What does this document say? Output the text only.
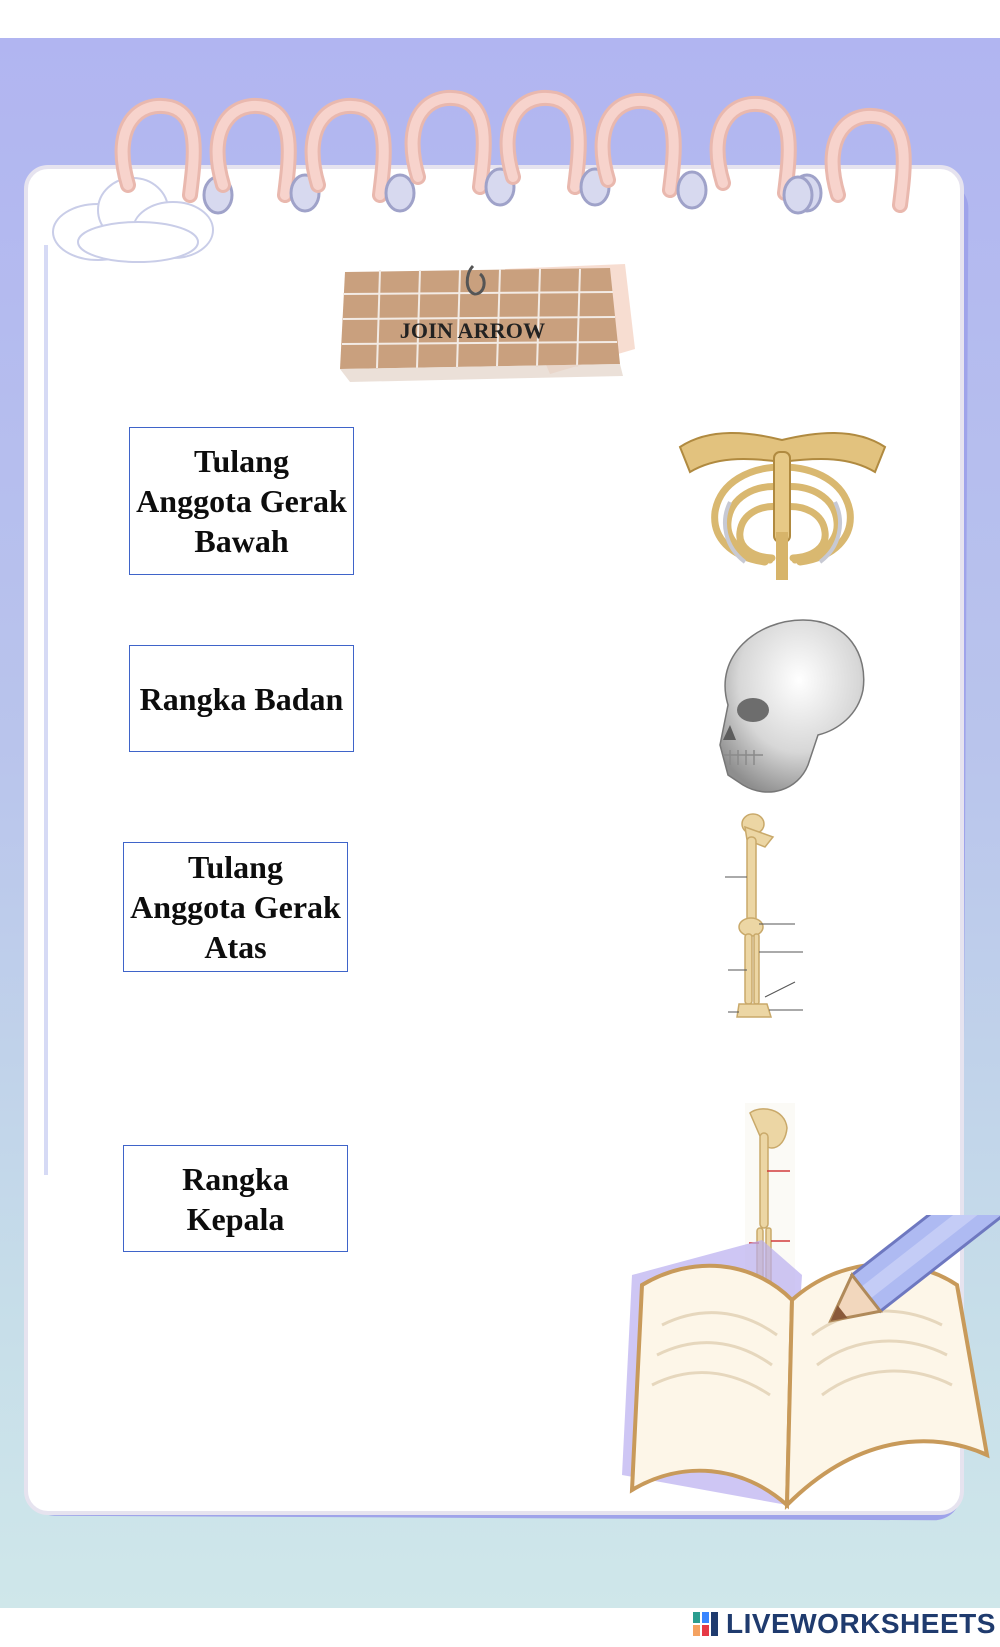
JOIN ARROW
Tulang Anggota Gerak Bawah
Rangka Badan
Tulang Anggota Gerak Atas
Rangka Kepala
LIVEWORKSHEETS
